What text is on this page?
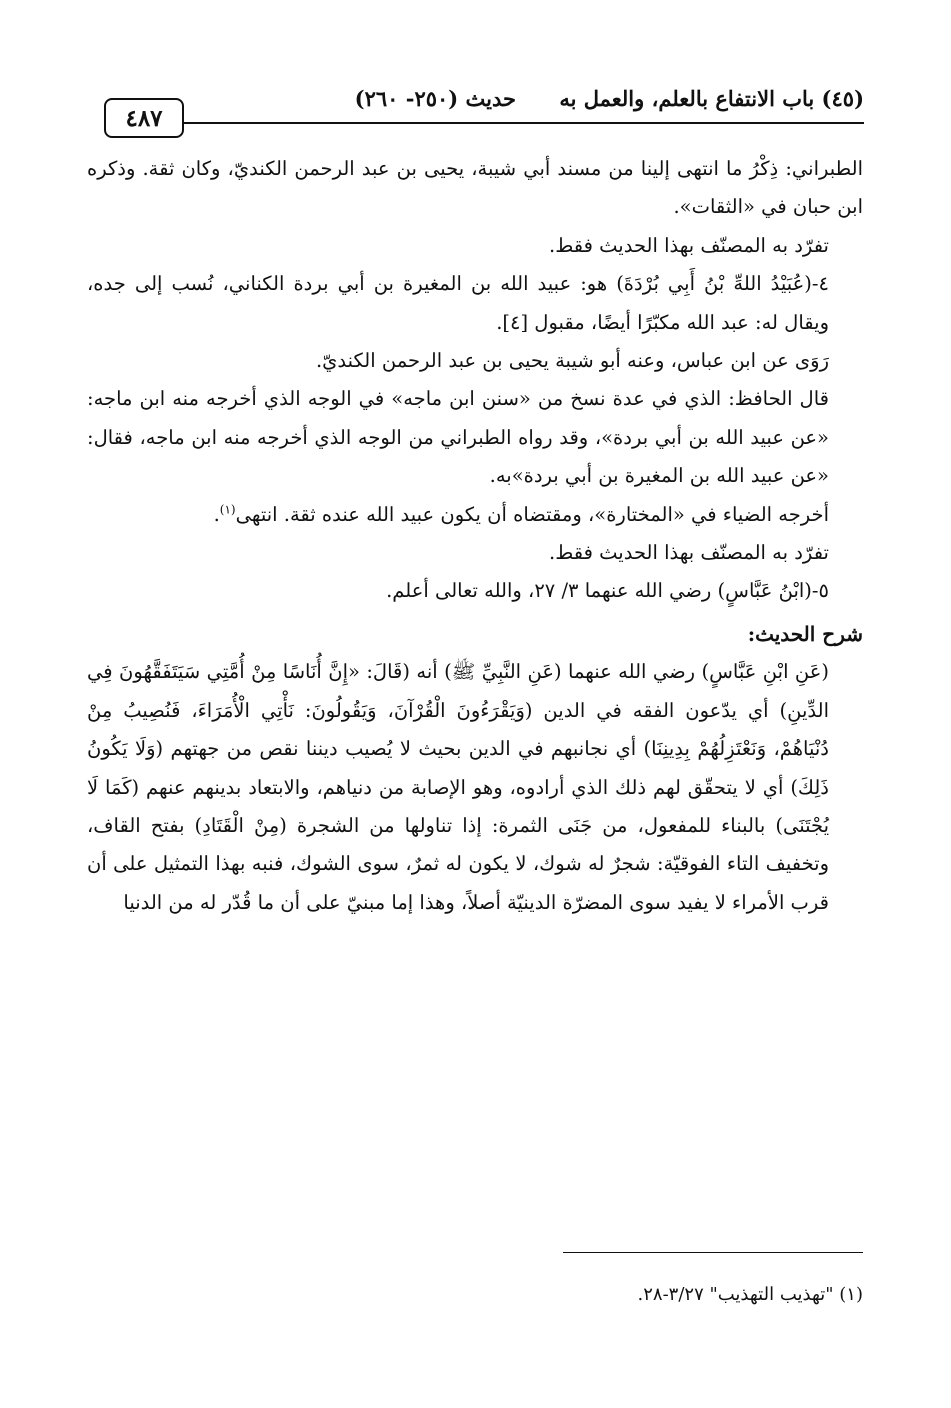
(٤٥) باب الانتفاع بالعلم، والعمل به
حديث (٢٥٠- ٢٦٠)
٤٨٧

الطبراني: ذِكْرُ ما انتهى إلينا من مسند أبي شيبة، يحيى بن عبد الرحمن الكنديّ، وكان ثقة. وذكره ابن حبان في «الثقات».

تفرّد به المصنّف بهذا الحديث فقط.

٤-(عُبَيْدُ اللهِّ بْنُ أَبِي بُرْدَةَ) هو: عبيد الله بن المغيرة بن أبي بردة الكناني، نُسب إلى جده، ويقال له: عبد الله مكبّرًا أيضًا، مقبول [٤].

رَوَى عن ابن عباس، وعنه أبو شيبة يحيى بن عبد الرحمن الكنديّ.

قال الحافظ: الذي في عدة نسخ من «سنن ابن ماجه» في الوجه الذي أخرجه منه ابن ماجه: «عن عبيد الله بن أبي بردة»، وقد رواه الطبراني من الوجه الذي أخرجه منه ابن ماجه، فقال: «عن عبيد الله بن المغيرة بن أبي بردة»به.

أخرجه الضياء في «المختارة»، ومقتضاه أن يكون عبيد الله عنده ثقة. انتهى$^{(١)}$.

تفرّد به المصنّف بهذا الحديث فقط.

٥-(ابْنُ عَبَّاسٍ) رضي الله عنهما ٣/ ٢٧، والله تعالى أعلم.

شرح الحديث:

(عَنِ ابْنِ عَبَّاسٍ) رضي الله عنهما (عَنِ النَّبِيِّ ﷺ) أنه (قَالَ: «إِنَّ أُنَاسًا مِنْ أُمَّتِي سَيَتَفَقَّهُونَ فِي الدِّينِ) أي يدّعون الفقه في الدين (وَيَقْرَءُونَ الْقُرْآنَ، وَيَقُولُونَ: نَأْتِي الْأُمَرَاءَ، فَنُصِيبُ مِنْ دُنْيَاهُمْ، وَنَعْتَزِلُهُمْ بِدِينِنَا) أي نجانبهم في الدين بحيث لا يُصيب ديننا نقص من جهتهم (وَلَا يَكُونُ ذَلِكَ) أي لا يتحقّق لهم ذلك الذي أرادوه، وهو الإصابة من دنياهم، والابتعاد بدينهم عنهم (كَمَا لَا يُجْتَنَى) بالبناء للمفعول، من جَنَى الثمرة: إذا تناولها من الشجرة (مِنْ الْقَتَادِ) بفتح القاف، وتخفيف التاء الفوقيّة: شجرٌ له شوك، لا يكون له ثمرٌ، سوى الشوك، فنبه بهذا التمثيل على أن قرب الأمراء لا يفيد سوى المضرّة الدينيّة أصلاً، وهذا إما مبنيّ على أن ما قُدّر له من الدنيا

(١) "تهذيب التهذيب" ٣/٢٧-٢٨.
